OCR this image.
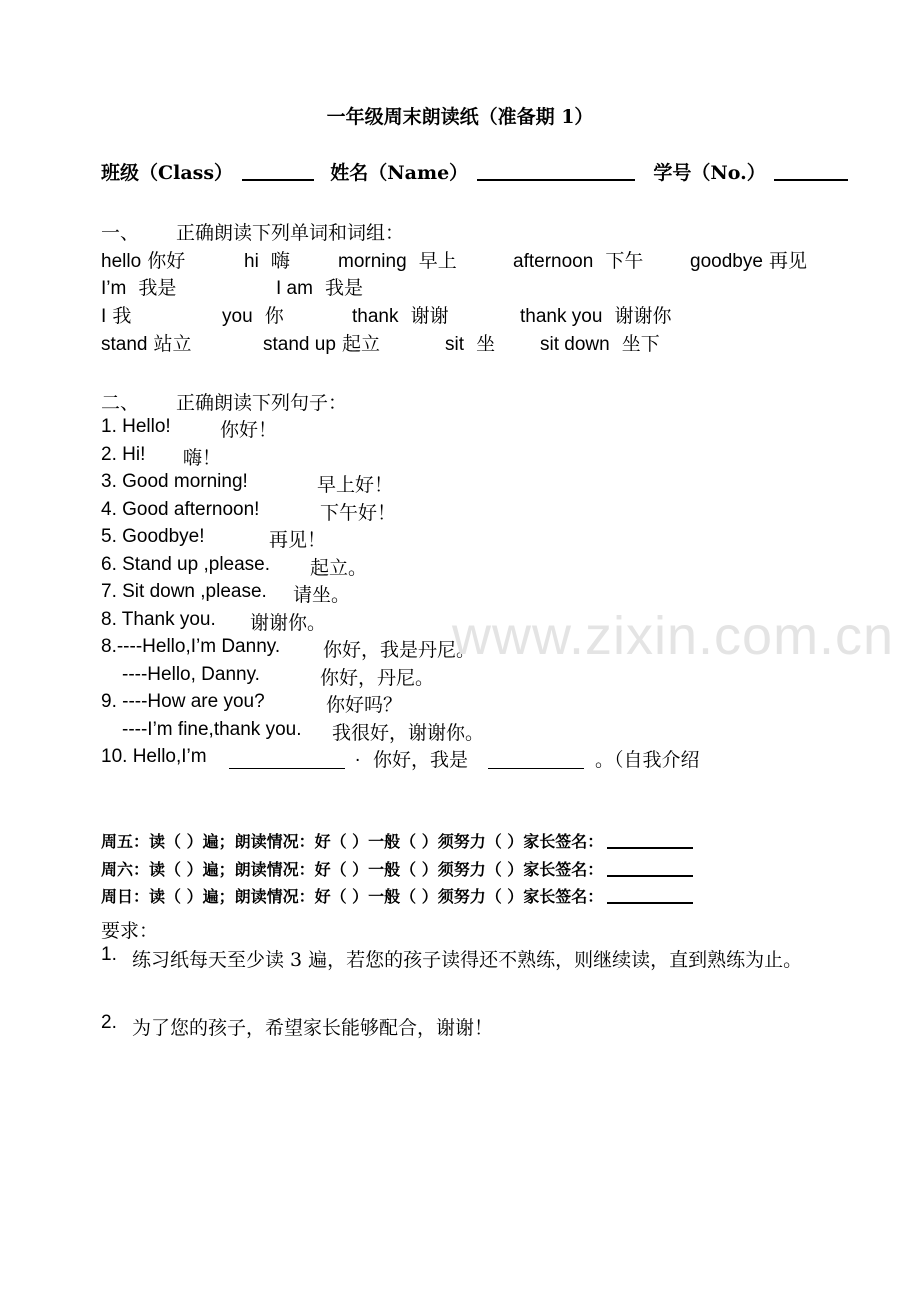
一年级周末朗读纸（准备期 1）
班级（Class）	姓名（Name）	学号（No.）
一、 正确朗读下列单词和词组：
hello 你好	hi 嗨	morning 早上	afternoon 下午 goodbye 再见
I’m 我是	I am 我是
I 我	you 你	thank 谢谢	thank you 谢谢你
stand 站立	stand up 起立	sit 坐 sit down 坐下
二、 正确朗读下列句子：
1. Hello!	你好！
2. Hi! 嗨！
3. Good morning!	早上好！
4. Good afternoon!	下午好！
5. Goodbye!	再见！
6. Stand up ,please. 起立。
7. Sit down ,please. 请坐。
8. Thank you. 谢谢你。
8.----Hello,I’m Danny. 你好，我是丹尼。
----Hello, Danny.	你好，丹尼。
9. ----How are you?	你好吗？
----I’m fine,thank you. 我很好，谢谢你。
10. Hello,I’m	. 你好，我是	。（自我介绍
周五：读（ ）遍；朗读情况：好（ ）一般（ ）须努力（ ）家长签名：
周六：读（ ）遍；朗读情况：好（ ）一般（ ）须努力（ ）家长签名：
周日：读（ ）遍；朗读情况：好（ ）一般（ ）须努力（ ）家长签名：
要求：
1. 练习纸每天至少读 3 遍，若您的孩子读得还不熟练，则继续读，直到熟练为止。
2. 为了您的孩子，希望家长能够配合，谢谢！
www.zixin.com.cn
